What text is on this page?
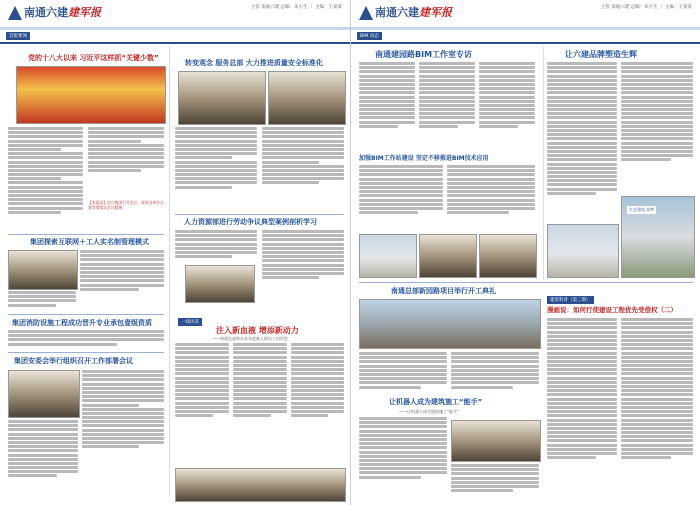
南通六建建军报	主管 南通六建 总编：朱小生 ｜ 主编：王某某
首版要闻
党的十八大以来 习近平这样抓“关键少数”
【本报讯】近日集团召开会议，要求各单位认真贯彻落实会议精神。
集团探索互联网＋工人实名制管理模式
集团消防设施工程成功晋升专业承包壹级资质
集团安委会举行组织召开工作部署会议
转变观念 服务总部 大力推进质量安全标准化
人力资源部进行劳动争议典型案例剖析学习
一线风采
注入新血液 增添新动力
——南通总部举办本年度新入职员工培训会
南通六建建军报	主管 南通六建 总编：朱小生 ｜ 主编：王某某
BIM 动态
南通建园路BIM工作室专访
加强BIM工作站建设 坚定不移推进BIM技术应用
南通总部新园路项目举行开工典礼
让机器人成为建筑施工“能手”
——让机器人成为建筑施工“能手”
让六建品牌塑造生辉
生态建筑 筑梦
建筑科普（第三期）
漫画说：如何行使建设工程优先受偿权（二）
